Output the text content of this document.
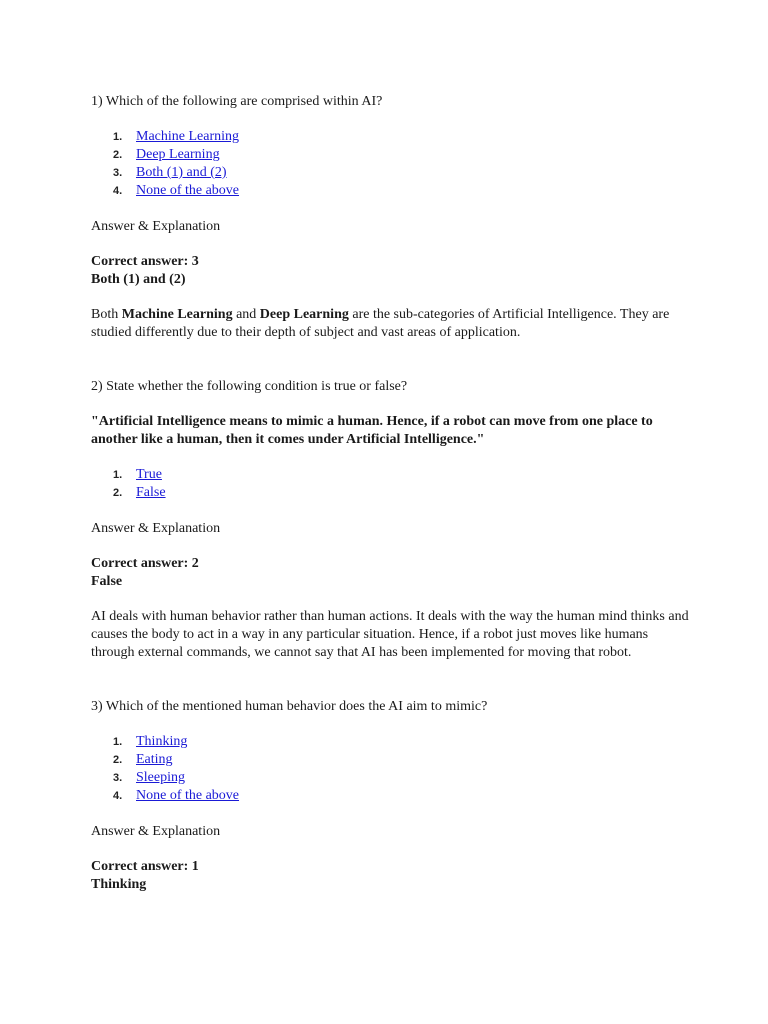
1) Which of the following are comprised within AI?

1. Machine Learning
2. Deep Learning
3. Both (1) and (2)
4. None of the above

Answer & Explanation

Correct answer: 3
Both (1) and (2)

Both Machine Learning and Deep Learning are the sub-categories of Artificial Intelligence. They are studied differently due to their depth of subject and vast areas of application.

2) State whether the following condition is true or false?

"Artificial Intelligence means to mimic a human. Hence, if a robot can move from one place to another like a human, then it comes under Artificial Intelligence."

1. True
2. False

Answer & Explanation

Correct answer: 2
False

AI deals with human behavior rather than human actions. It deals with the way the human mind thinks and causes the body to act in a way in any particular situation. Hence, if a robot just moves like humans through external commands, we cannot say that AI has been implemented for moving that robot.

3) Which of the mentioned human behavior does the AI aim to mimic?

1. Thinking
2. Eating
3. Sleeping
4. None of the above

Answer & Explanation

Correct answer: 1
Thinking
